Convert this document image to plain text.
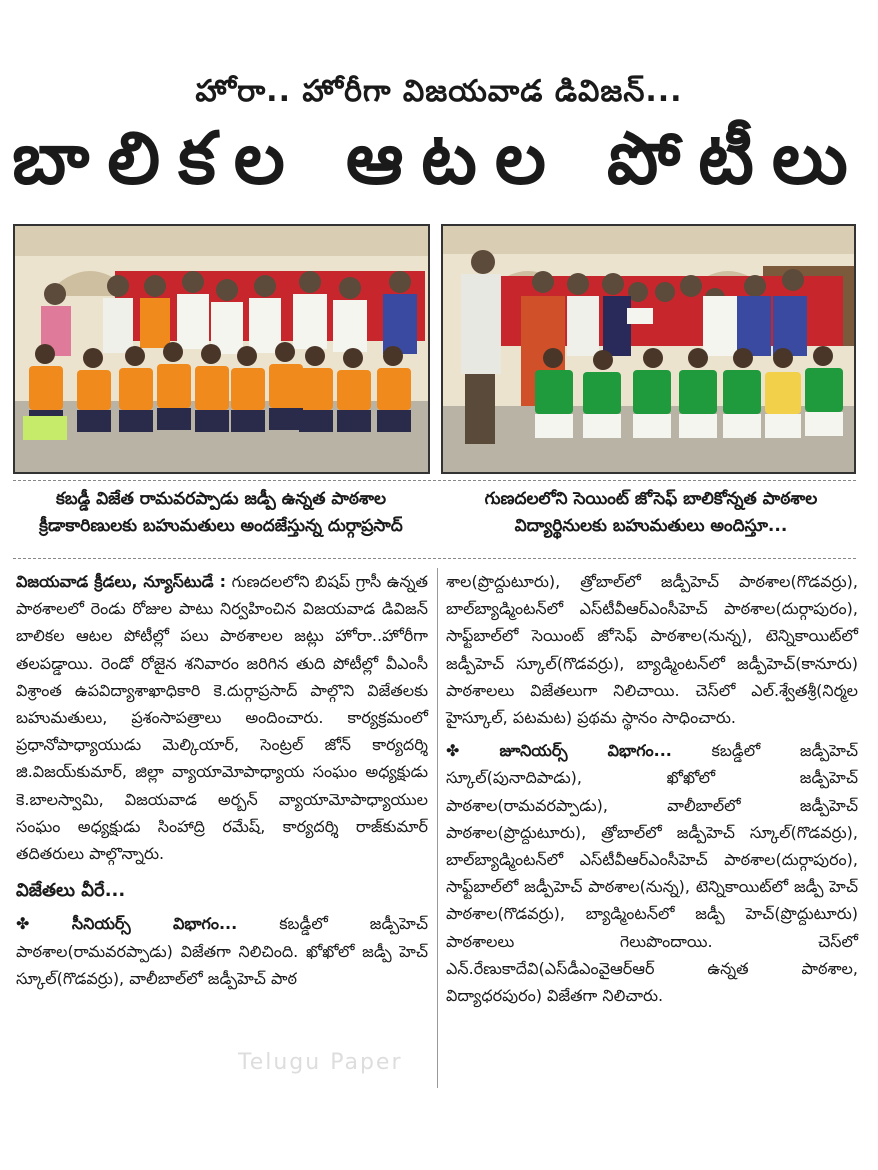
హోరా.. హోరీగా విజయవాడ డివిజన్...
బాలికల ఆటల పోటీలు
కబడ్డీ విజేత రామవరప్పాడు జడ్పీ ఉన్నత పాఠశాల క్రీడాకారిణులకు బహుమతులు అందజేస్తున్న దుర్గాప్రసాద్
గుణదలలోని సెయింట్ జోసెఫ్ బాలికోన్నత పాఠశాల విద్యార్థినులకు బహుమతులు అందిస్తూ...

విజయవాడ క్రీడలు, న్యూస్‌టుడే : గుణదలలోని బిషప్ గ్రాసీ ఉన్నత పాఠశాలలో రెండు రోజుల పాటు నిర్వహించిన విజయవాడ డివిజన్ బాలికల ఆటల పోటీల్లో పలు పాఠశాలల జట్లు హోరా..హోరీగా తలపడ్డాయి. రెండో రోజైన శనివారం జరిగిన తుది పోటీల్లో వీఎంసీ విశ్రాంత ఉపవిద్యాశాఖాధికారి కె.దుర్గాప్రసాద్ పాల్గొని విజేతలకు బహుమతులు, ప్రశంసాపత్రాలు అందించారు. కార్యక్రమంలో ప్రధానోపాధ్యాయుడు మెల్కియార్, సెంట్రల్ జోన్ కార్యదర్శి జి.విజయ్‌కుమార్, జిల్లా వ్యాయామోపాధ్యాయ సంఘం అధ్యక్షుడు కె.బాలస్వామి, విజయవాడ అర్బన్ వ్యాయామోపాధ్యాయుల సంఘం అధ్యక్షుడు సింహాద్రి రమేష్, కార్యదర్శి రాజ్‌కుమార్ తదితరులు పాల్గొన్నారు.

విజేతలు వీరే...

✤ సీనియర్స్ విభాగం...	కబడ్డీలో జడ్పీహెచ్ పాఠశాల(రామవరప్పాడు) విజేతగా నిలిచింది. ఖోఖోలో జడ్పీ హెచ్ స్కూల్(గొడవర్రు), వాలీబాల్‌లో జడ్పీహెచ్ పాఠ

శాల(ప్రొద్దుటూరు), త్రోబాల్‌లో జడ్పీహెచ్ పాఠశాల(గొడవర్రు), బాల్‌బ్యాడ్మింటన్‌లో ఎస్‌టీవీఆర్‌ఎంసీహెచ్ పాఠశాల(దుర్గాపురం), సాఫ్ట్‌బాల్‌లో సెయింట్ జోసెఫ్ పాఠశాల(నున్న), టెన్నికాయిట్‌లో జడ్పీహెచ్ స్కూల్(గొడవర్రు), బ్యాడ్మింటన్‌లో జడ్పీహెచ్(కానూరు) పాఠశాలలు విజేతలుగా నిలిచాయి. చెస్‌లో ఎల్.శ్వేతశ్రీ(నిర్మల హైస్కూల్, పటమట) ప్రథమ స్థానం సాధించారు.

✤ జూనియర్స్ విభాగం... కబడ్డీలో జడ్పీహెచ్ స్కూల్(పునాదిపాడు), ఖోఖోలో జడ్పీహెచ్ పాఠశాల(రామవరప్పాడు), వాలీబాల్‌లో జడ్పీహెచ్ పాఠశాల(ప్రొద్దుటూరు), త్రోబాల్‌లో జడ్పీహెచ్ స్కూల్(గొడవర్రు), బాల్‌బ్యాడ్మింటన్‌లో ఎస్‌టీవీఆర్‌ఎంసీహెచ్ పాఠశాల(దుర్గాపురం), సాఫ్ట్‌బాల్‌లో జడ్పీహెచ్ పాఠశాల(నున్న), టెన్నికాయిట్‌లో జడ్పీ హెచ్ పాఠశాల(గొడవర్రు), బ్యాడ్మింటన్‌లో జడ్పీ హెచ్(ప్రొద్దుటూరు) పాఠశాలలు గెలుపొందాయి. చెస్‌లో ఎన్.రేణుకాదేవి(ఎస్‌డీఎంవైఆర్‌ఆర్ ఉన్నత పాఠశాల, విద్యాధరపురం) విజేతగా నిలిచారు.

Telugu Paper
